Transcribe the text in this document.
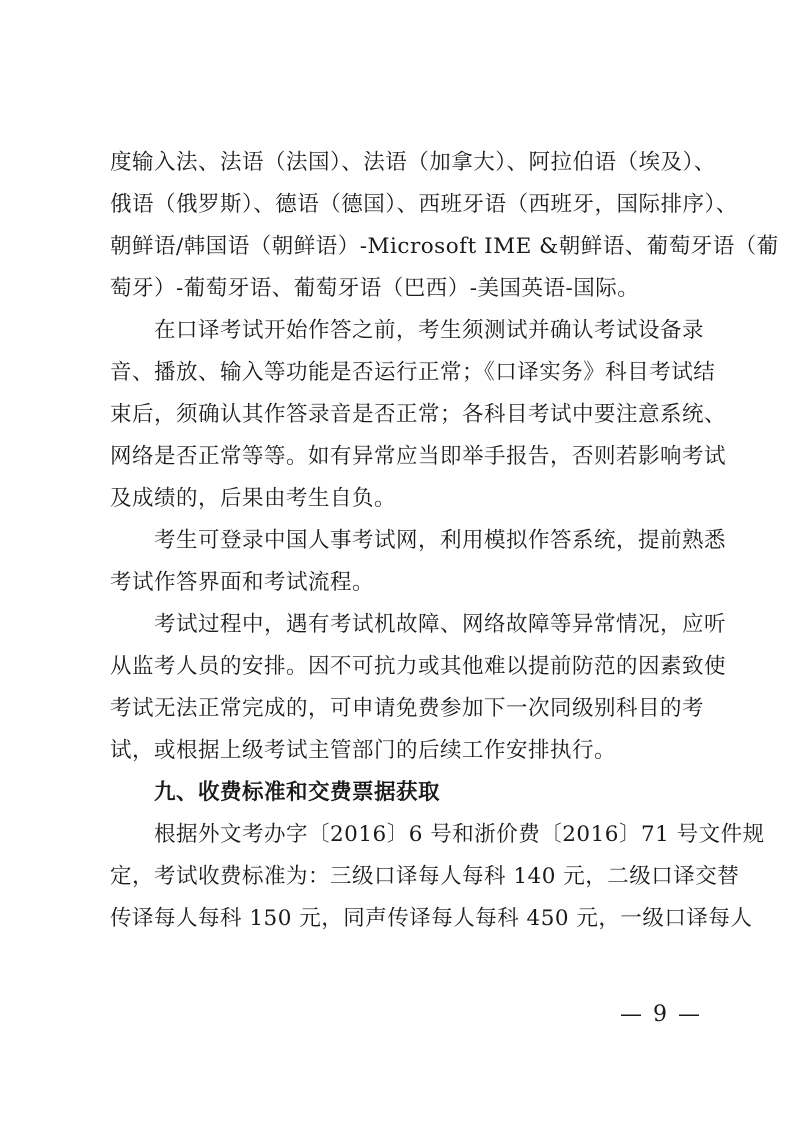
度输入法、法语（法国）、法语（加拿大）、阿拉伯语（埃及）、
俄语（俄罗斯）、德语（德国）、西班牙语（西班牙，国际排序）、
朝鲜语/韩国语（朝鲜语）-Microsoft IME &朝鲜语、葡萄牙语（葡
萄牙）-葡萄牙语、葡萄牙语（巴西）-美国英语-国际。
在口译考试开始作答之前，考生须测试并确认考试设备录
音、播放、输入等功能是否运行正常；《口译实务》科目考试结
束后，须确认其作答录音是否正常；各科目考试中要注意系统、
网络是否正常等等。如有异常应当即举手报告，否则若影响考试
及成绩的，后果由考生自负。
考生可登录中国人事考试网，利用模拟作答系统，提前熟悉
考试作答界面和考试流程。
考试过程中，遇有考试机故障、网络故障等异常情况，应听
从监考人员的安排。因不可抗力或其他难以提前防范的因素致使
考试无法正常完成的，可申请免费参加下一次同级别科目的考
试，或根据上级考试主管部门的后续工作安排执行。
九、收费标准和交费票据获取
根据外文考办字〔2016〕6 号和浙价费〔2016〕71 号文件规
定，考试收费标准为：三级口译每人每科 140 元，二级口译交替
传译每人每科 150 元，同声传译每人每科 450 元，一级口译每人
— 9 —
